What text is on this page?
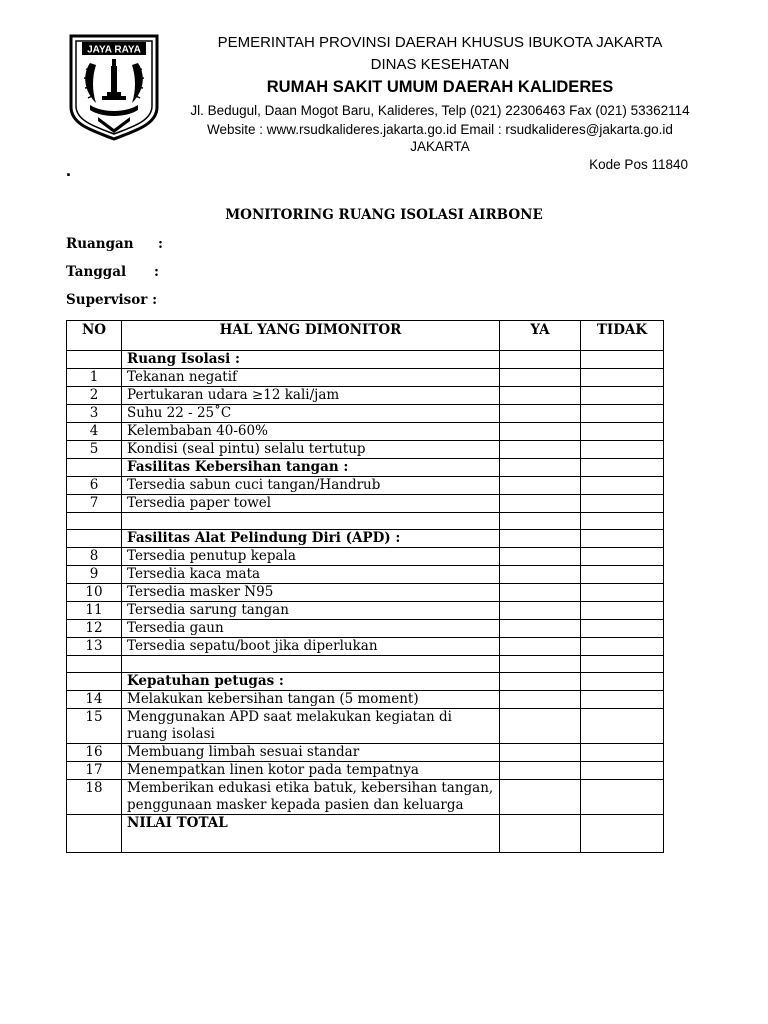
JAYA RAYA	PEMERINTAH PROVINSI DAERAH KHUSUS IBUKOTA JAKARTA
DINAS KESEHATAN
RUMAH SAKIT UMUM DAERAH KALIDERES
Jl. Bedugul, Daan Mogot Baru, Kalideres, Telp (021) 22306463 Fax (021) 53362114
Website : www.rsudkalideres.jakarta.go.id Email : rsudkalideres@jakarta.go.id
JAKARTA
Kode Pos 11840
.
MONITORING RUANG ISOLASI AIRBONE
Ruangan :
Tanggal :
Supervisor :
NO	HAL YANG DIMONITOR	YA	TIDAK
	Ruang Isolasi :		
1	Tekanan negatif		
2	Pertukaran udara ≥12 kali/jam		
3	Suhu 22 - 25˚C		
4	Kelembaban 40-60%		
5	Kondisi (seal pintu) selalu tertutup		
	Fasilitas Kebersihan tangan :		
6	Tersedia sabun cuci tangan/Handrub		
7	Tersedia paper towel		

	Fasilitas Alat Pelindung Diri (APD) :		
8	Tersedia penutup kepala		
9	Tersedia kaca mata		
10	Tersedia masker N95		
11	Tersedia sarung tangan		
12	Tersedia gaun		
13	Tersedia sepatu/boot jika diperlukan		

	Kepatuhan petugas :		
14	Melakukan kebersihan tangan (5 moment)		
15	Menggunakan APD saat melakukan kegiatan di ruang isolasi		
16	Membuang limbah sesuai standar		
17	Menempatkan linen kotor pada tempatnya		
18	Memberikan edukasi etika batuk, kebersihan tangan, penggunaan masker kepada pasien dan keluarga		
	NILAI TOTAL		
